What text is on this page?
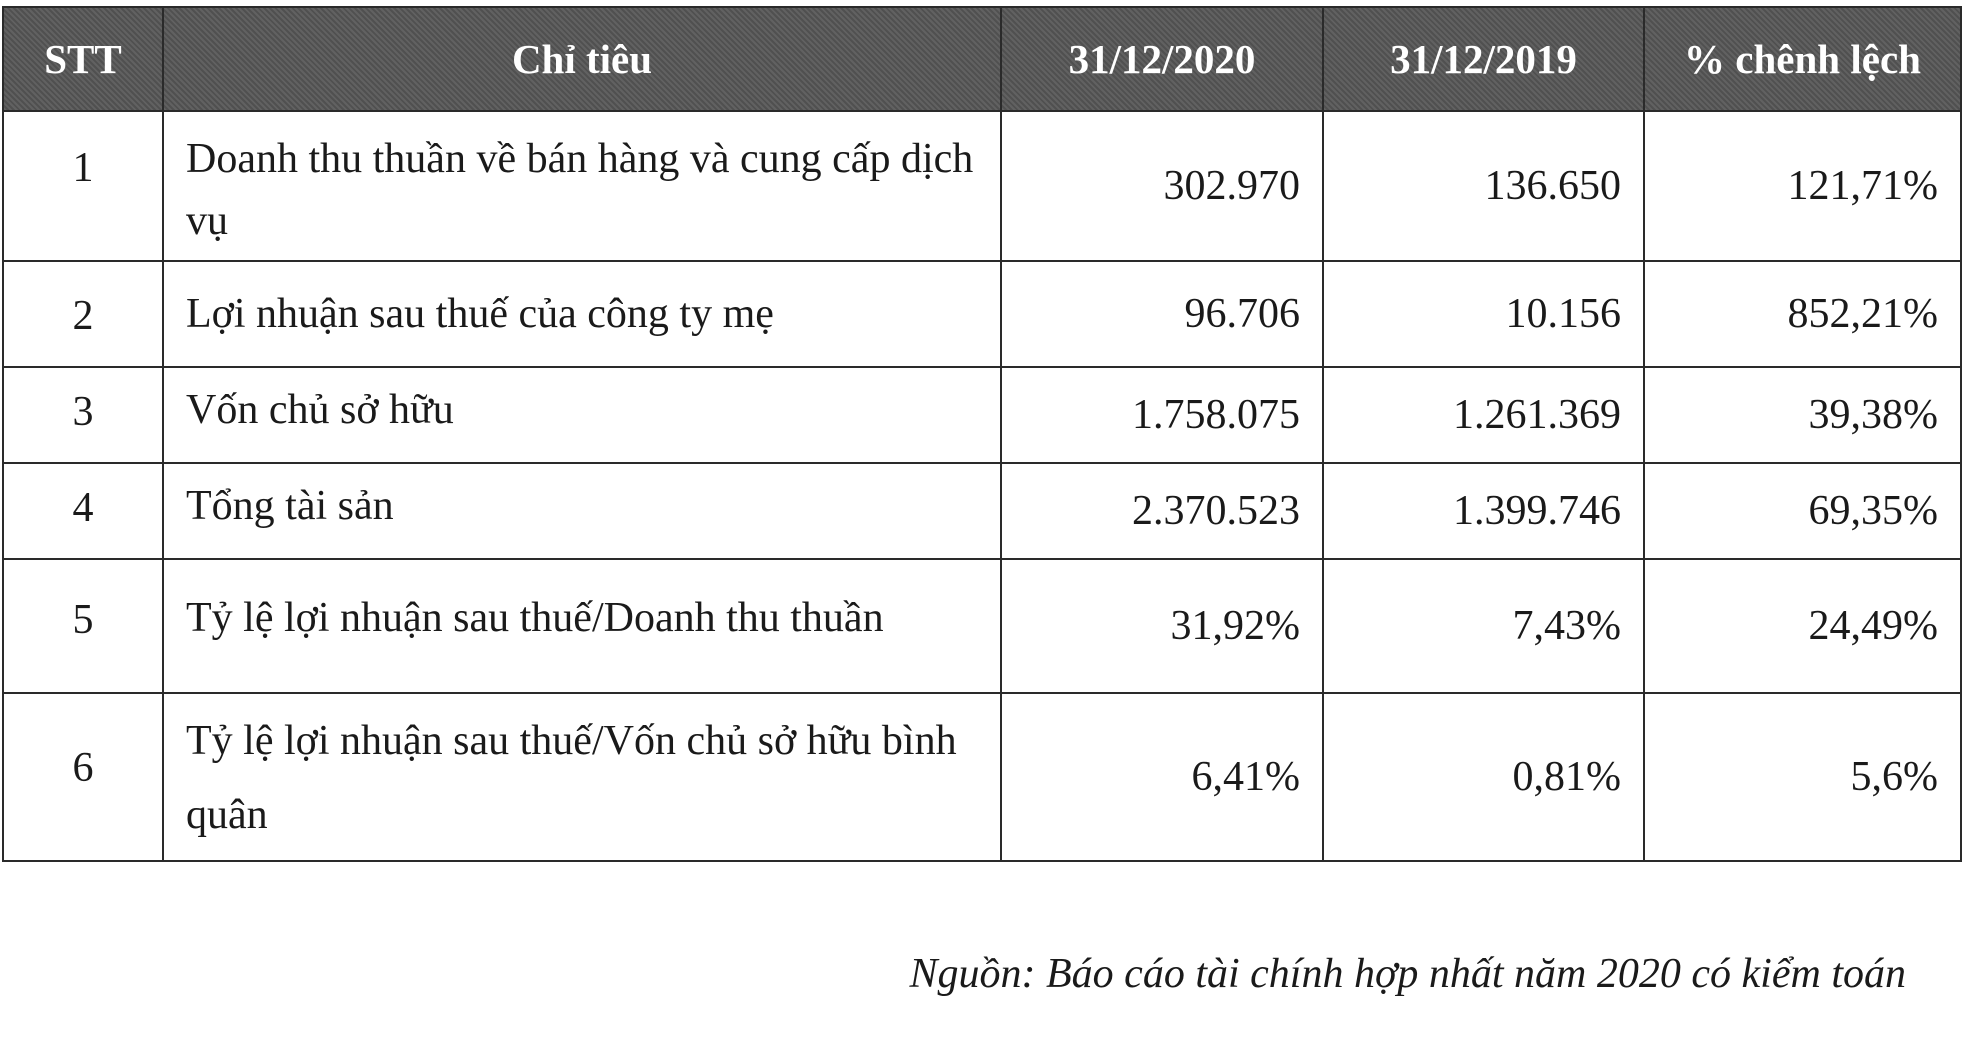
STT	Chỉ tiêu	31/12/2020	31/12/2019	% chênh lệch
1	Doanh thu thuần về bán hàng và cung cấp dịch vụ	302.970	136.650	121,71%
2	Lợi nhuận sau thuế của công ty mẹ	96.706	10.156	852,21%
3	Vốn chủ sở hữu	1.758.075	1.261.369	39,38%
4	Tổng tài sản	2.370.523	1.399.746	69,35%
5	Tỷ lệ lợi nhuận sau thuế/Doanh thu thuần	31,92%	7,43%	24,49%
6	Tỷ lệ lợi nhuận sau thuế/Vốn chủ sở hữu bình quân	6,41%	0,81%	5,6%
Nguồn: Báo cáo tài chính hợp nhất năm 2020 có kiểm toán
